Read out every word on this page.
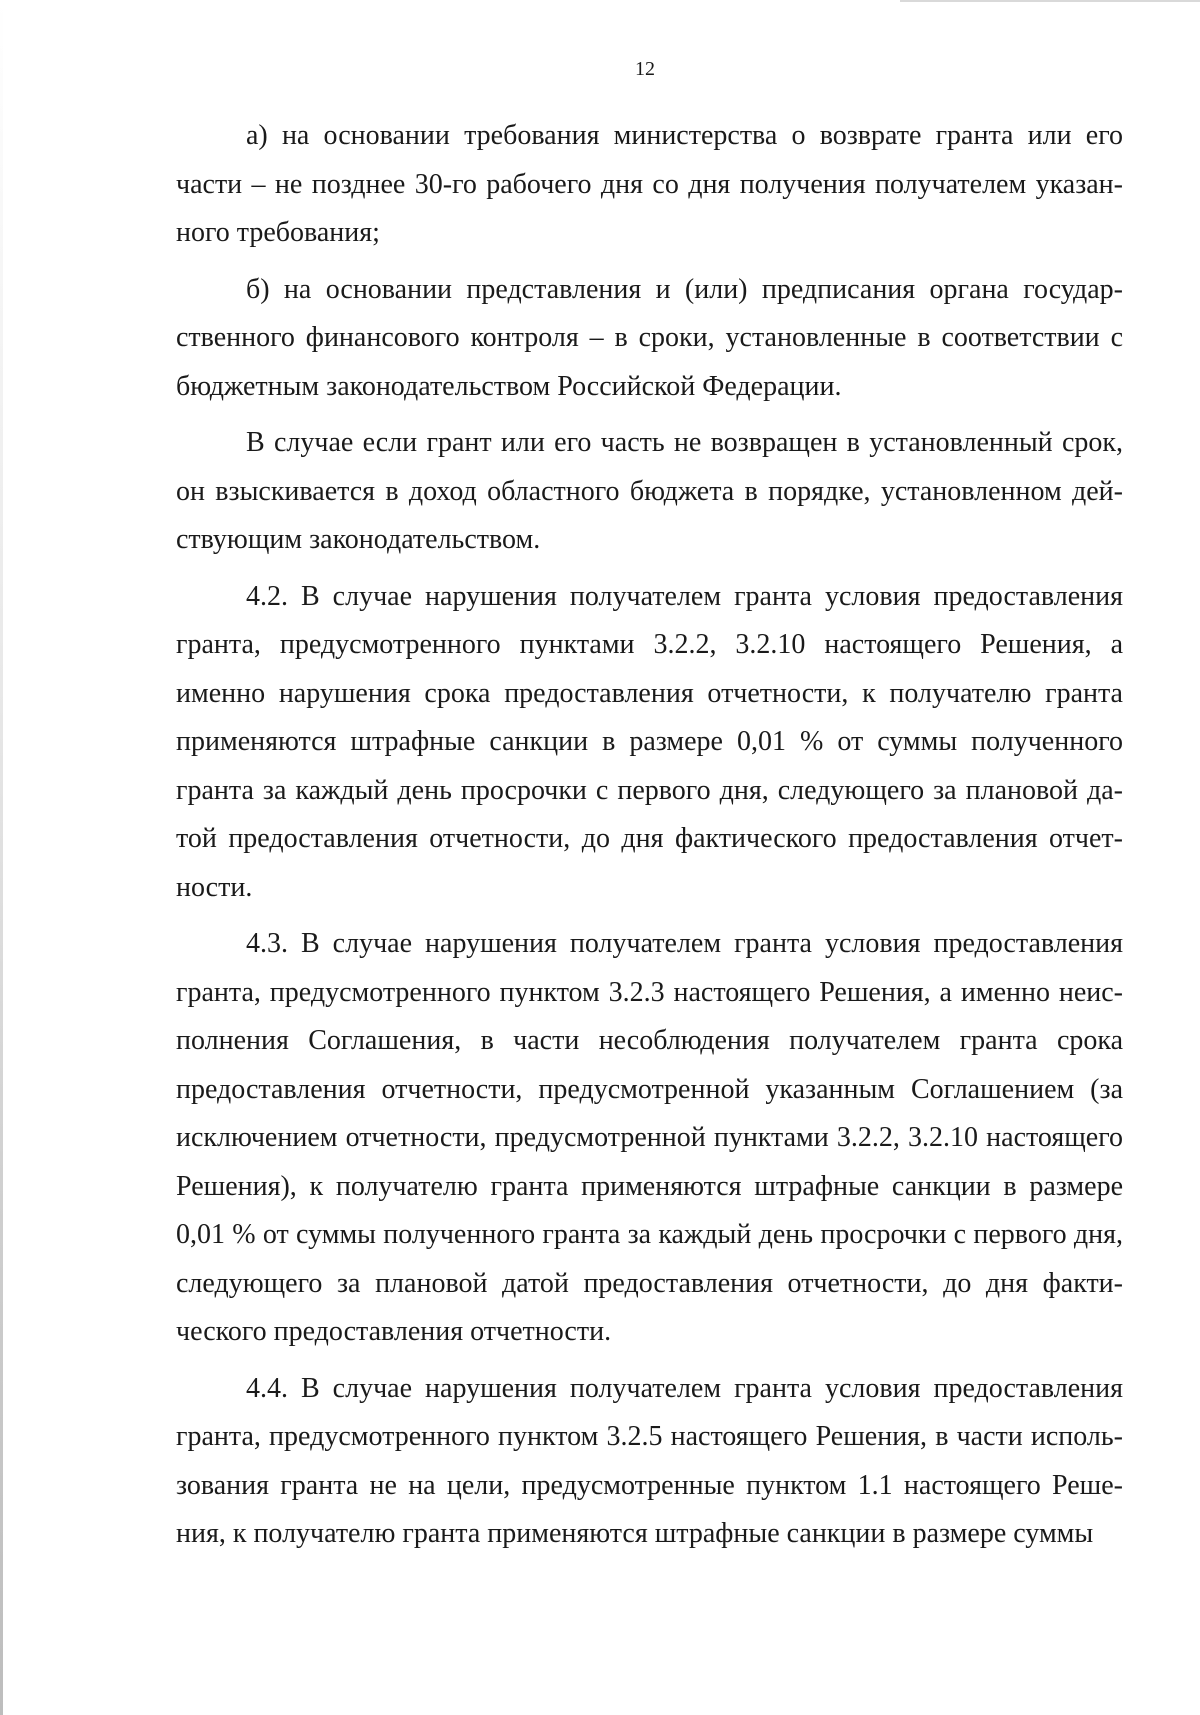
12

а) на основании требования министерства о возврате гранта или его части – не позднее 30-го рабочего дня со дня получения получателем указанного требования;

б) на основании представления и (или) предписания органа государственного финансового контроля – в сроки, установленные в соответствии с бюджетным законодательством Российской Федерации.

В случае если грант или его часть не возвращен в установленный срок, он взыскивается в доход областного бюджета в порядке, установленном действующим законодательством.

4.2. В случае нарушения получателем гранта условия предоставления гранта, предусмотренного пунктами 3.2.2, 3.2.10 настоящего Решения, а именно нарушения срока предоставления отчетности, к получателю гранта применяются штрафные санкции в размере 0,01 % от суммы полученного гранта за каждый день просрочки с первого дня, следующего за плановой датой предоставления отчетности, до дня фактического предоставления отчетности.

4.3. В случае нарушения получателем гранта условия предоставления гранта, предусмотренного пунктом 3.2.3 настоящего Решения, а именно неисполнения Соглашения, в части несоблюдения получателем гранта срока предоставления отчетности, предусмотренной указанным Соглашением (за исключением отчетности, предусмотренной пунктами 3.2.2, 3.2.10 настоящего Решения), к получателю гранта применяются штрафные санкции в размере 0,01 % от суммы полученного гранта за каждый день просрочки с первого дня, следующего за плановой датой предоставления отчетности, до дня фактического предоставления отчетности.

4.4. В случае нарушения получателем гранта условия предоставления гранта, предусмотренного пунктом 3.2.5 настоящего Решения, в части использования гранта не на цели, предусмотренные пунктом 1.1 настоящего Решения, к получателю гранта применяются штрафные санкции в размере суммы
